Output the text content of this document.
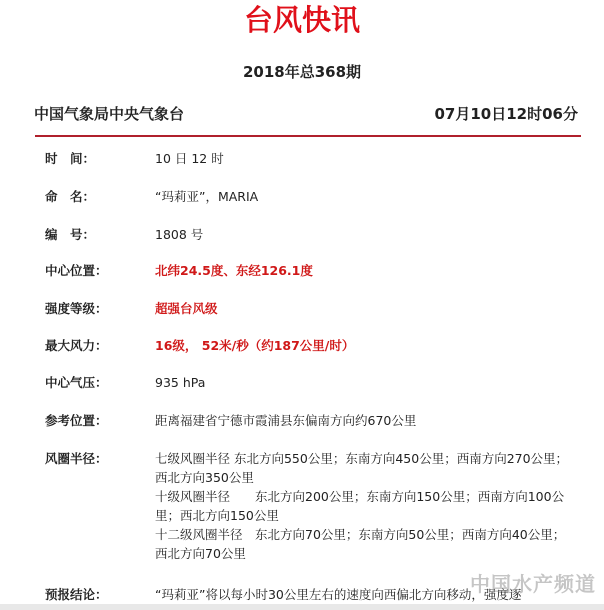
台风快讯
2018年总368期
中国气象局中央气象台	07月10日12时06分
时　间：	10 日 12 时
命　名：	“玛莉亚”，MARIA
编　号：	1808 号
中心位置：	北纬24.5度、东经126.1度
强度等级：	超强台风级
最大风力：	16级， 52米/秒（约187公里/时）
中心气压：	935 hPa
参考位置：	距离福建省宁德市霞浦县东偏南方向约670公里
风圈半径：	七级风圈半径 东北方向550公里；东南方向450公里；西南方向270公里；西北方向350公里
十级风圈半径　　东北方向200公里；东南方向150公里；西南方向100公里；西北方向150公里
十二级风圈半径　东北方向70公里；东南方向50公里；西南方向40公里；西北方向70公里
预报结论：	“玛莉亚”将以每小时30公里左右的速度向西偏北方向移动，强度逐
中国水产频道
